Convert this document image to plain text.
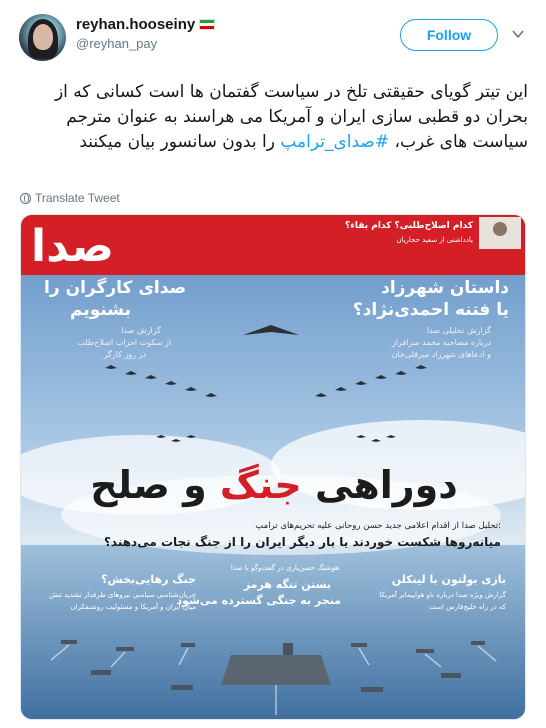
reyhan.hooseiny
@reyhan_pay
Follow
این تیتر گویای حقیقتی تلخ در سیاست گفتمان ها است کسانی که از بحران دو قطبی سازی ایران و آمریکا می هراسند به عنوان مترجم سیاست های غرب، #صدای_ترامپ را بدون سانسور بیان میکنند
Translate Tweet
صدا	کدام اصلاح‌طلبی؟ کدام بقاء؟
یادداشتی از سعید حجاریان
صدای کارگران را
بشنویم
گزارش صدا
از سکوت احزاب اصلاح‌طلب
در روز کارگر
داستان شهرزاد
یا فتنه احمدی‌نژاد؟
گزارش تحلیلی صدا
درباره مصاحبه محمد سرافراز
و ادعاهای شهرزاد میرقلی‌خان
دوراهی جنگ و صلح
تحلیل صدا از اقدام اعلامی جدید حسن روحانی علیه تحریم‌های ترامپ:
میانه‌روها شکست خوردند یا بار دیگر ایران را از جنگ نجات می‌دهند؟
جنگ رهایی‌بخش؟
جریان‌شناسی سیاسی نیروهای طرفدار تشدید تنش
میان ایران و آمریکا و مسئولیت روشنفکران
هوشنگ حسن‌یاری در گفت‌وگو با صدا:
بستن تنگه هرمز
منجر به جنگی گسترده می‌شود
بازی بولتون با لینکلن
گزارش ویژه صدا درباره ناو هواپیمابر آمریکا
که در راه خلیج‌فارس است
